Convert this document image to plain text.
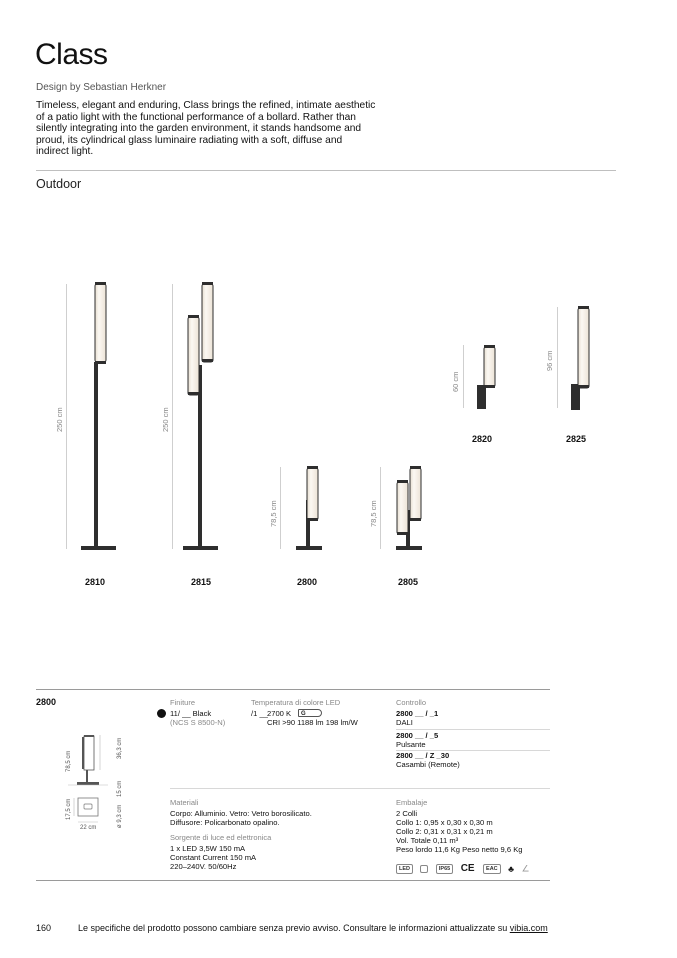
Class
Design by Sebastian Herkner

Timeless, elegant and enduring, Class brings the refined, intimate aesthetic of a patio light with the functional performance of a bollard. Rather than silently integrating into the garden environment, it stands handsome and proud, its cylindrical glass luminaire radiating with a soft, diffuse and indirect light.

Outdoor
250 cm	250 cm
78,5 cm	78,5 cm
60 cm
96 cm
2810	2815	2800	2805
2820	2825
2800
78,5 cm
36,3 cm
17,5 cm	ø 9,3 cm
15 cm
22 cm
Finiture
11/ __ Black
(NCS S 8500-N)
Temperatura di colore LED
/1 __ 2700 K	G
CRI >90 1188 lm 198 lm/W
Controllo
2800 __ / _1
DALI
2800 __ / _5
Pulsante
2800 __ / Z _30
Casambi (Remote)
Materiali
Corpo: Alluminio. Vetro: Vetro borosilicato.
Diffusore: Policarbonato opalino.
Sorgente di luce ed elettronica
1 x LED 3,5W 150 mA
Constant Current 150 mA
220–240V. 50/60Hz
Embalaje
2 Colli
Collo 1: 0,95 x 0,30 x 0,30 m
Collo 2: 0,31 x 0,31 x 0,21 m
Vol. Totale 0,11 m³
Peso lordo 11,6 Kg Peso netto 9,6 Kg
LED	IP65 CE EAC ♣ ∠
160	Le specifiche del prodotto possono cambiare senza previo avviso. Consultare le informazioni attualizzate su vibia.com
